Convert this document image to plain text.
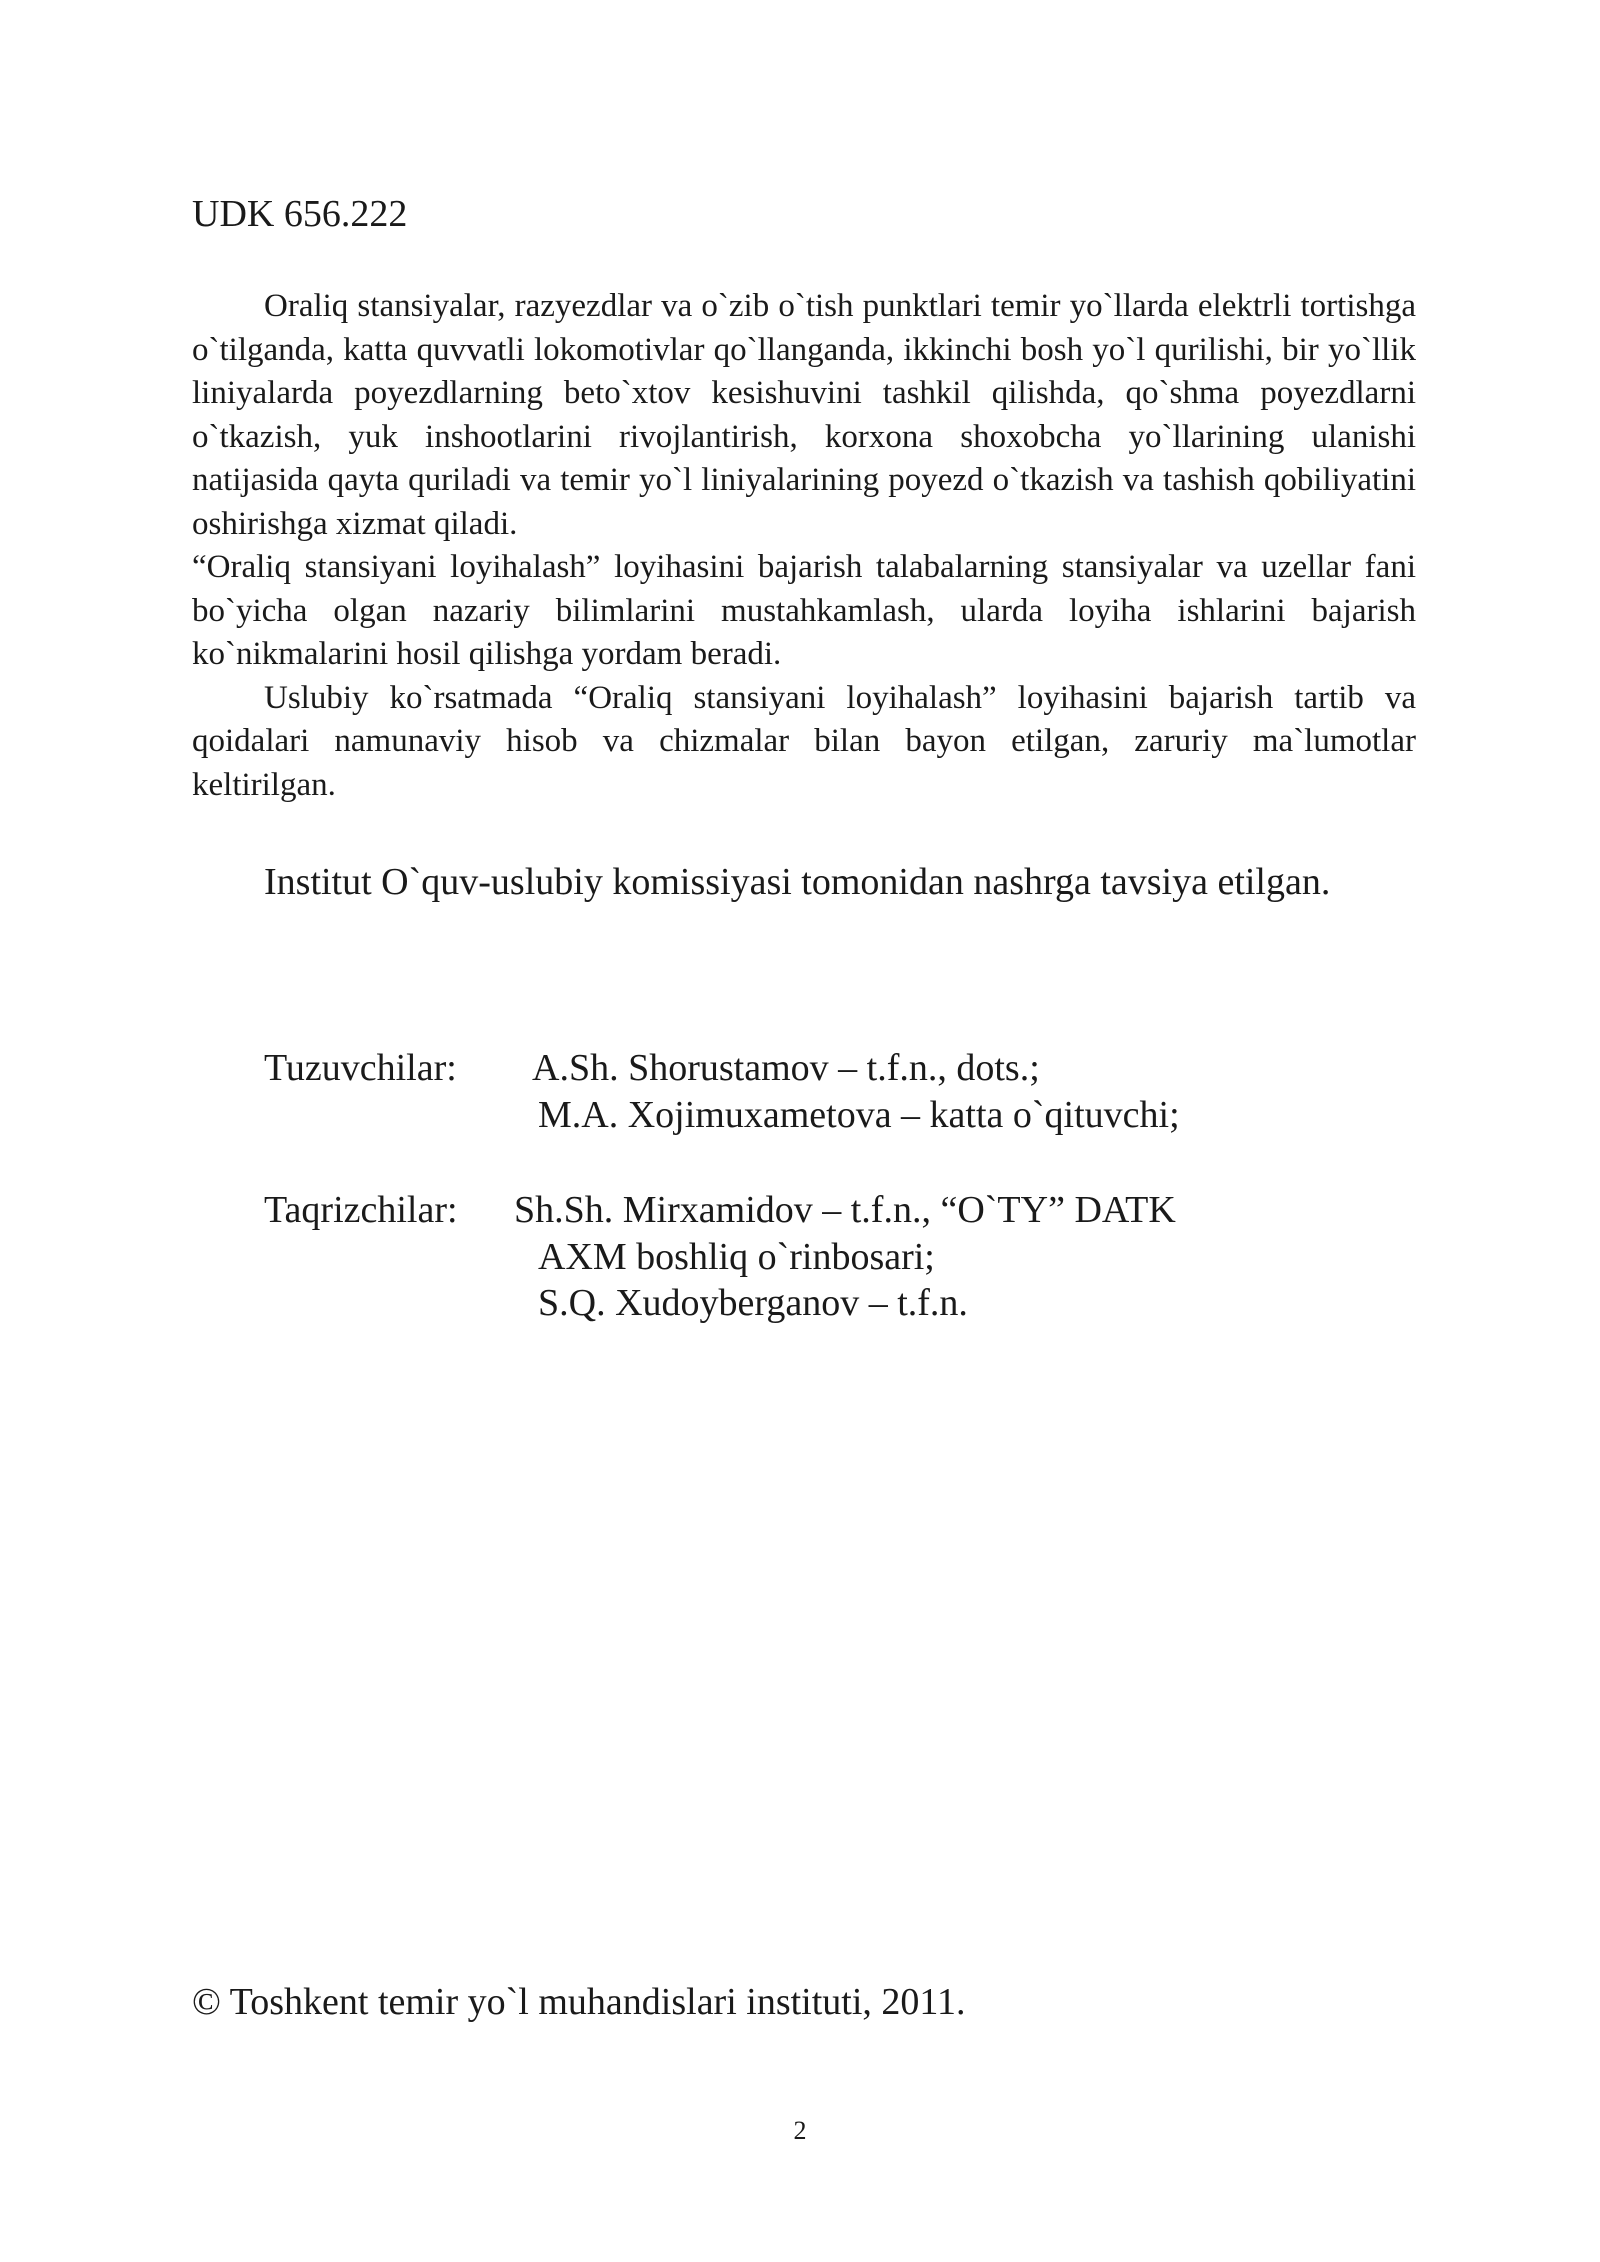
UDK 656.222

Oraliq stansiyalar, razyezdlar va o`zib o`tish punktlari temir yo`llarda elektrli tortishga o`tilganda, katta quvvatli lokomotivlar qo`llanganda, ikkinchi bosh yo`l qurilishi, bir yo`llik liniyalarda poyezdlarning beto`xtov kesishuvini tashkil qilishda, qo`shma poyezdlarni o`tkazish, yuk inshootlarini rivojlantirish, korxona shoxobcha yo`llarining ulanishi natijasida qayta quriladi va temir yo`l liniyalarining poyezd o`tkazish va tashish qobiliyatini oshirishga xizmat qiladi.

“Oraliq stansiyani loyihalash” loyihasini bajarish talabalarning stansiyalar va uzellar fani bo`yicha olgan nazariy bilimlarini mustahkamlash, ularda loyiha ishlarini bajarish ko`nikmalarini hosil qilishga yordam beradi.

Uslubiy ko`rsatmada “Oraliq stansiyani loyihalash” loyihasini bajarish tartib va qoidalari namunaviy hisob va chizmalar bilan bayon etilgan, zaruriy ma`lumotlar keltirilgan.

Institut O`quv-uslubiy komissiyasi tomonidan nashrga tavsiya etilgan.
Tuzuvchilar: A.Sh. Shorustamov – t.f.n., dots.;
M.A. Xojimuxametova – katta o`qituvchi;
Taqrizchilar: Sh.Sh. Mirxamidov – t.f.n., “O`TY” DATK
AXM boshliq o`rinbosari;
S.Q. Xudoyberganov – t.f.n.
© Toshkent temir yo`l muhandislari instituti, 2011.
2
